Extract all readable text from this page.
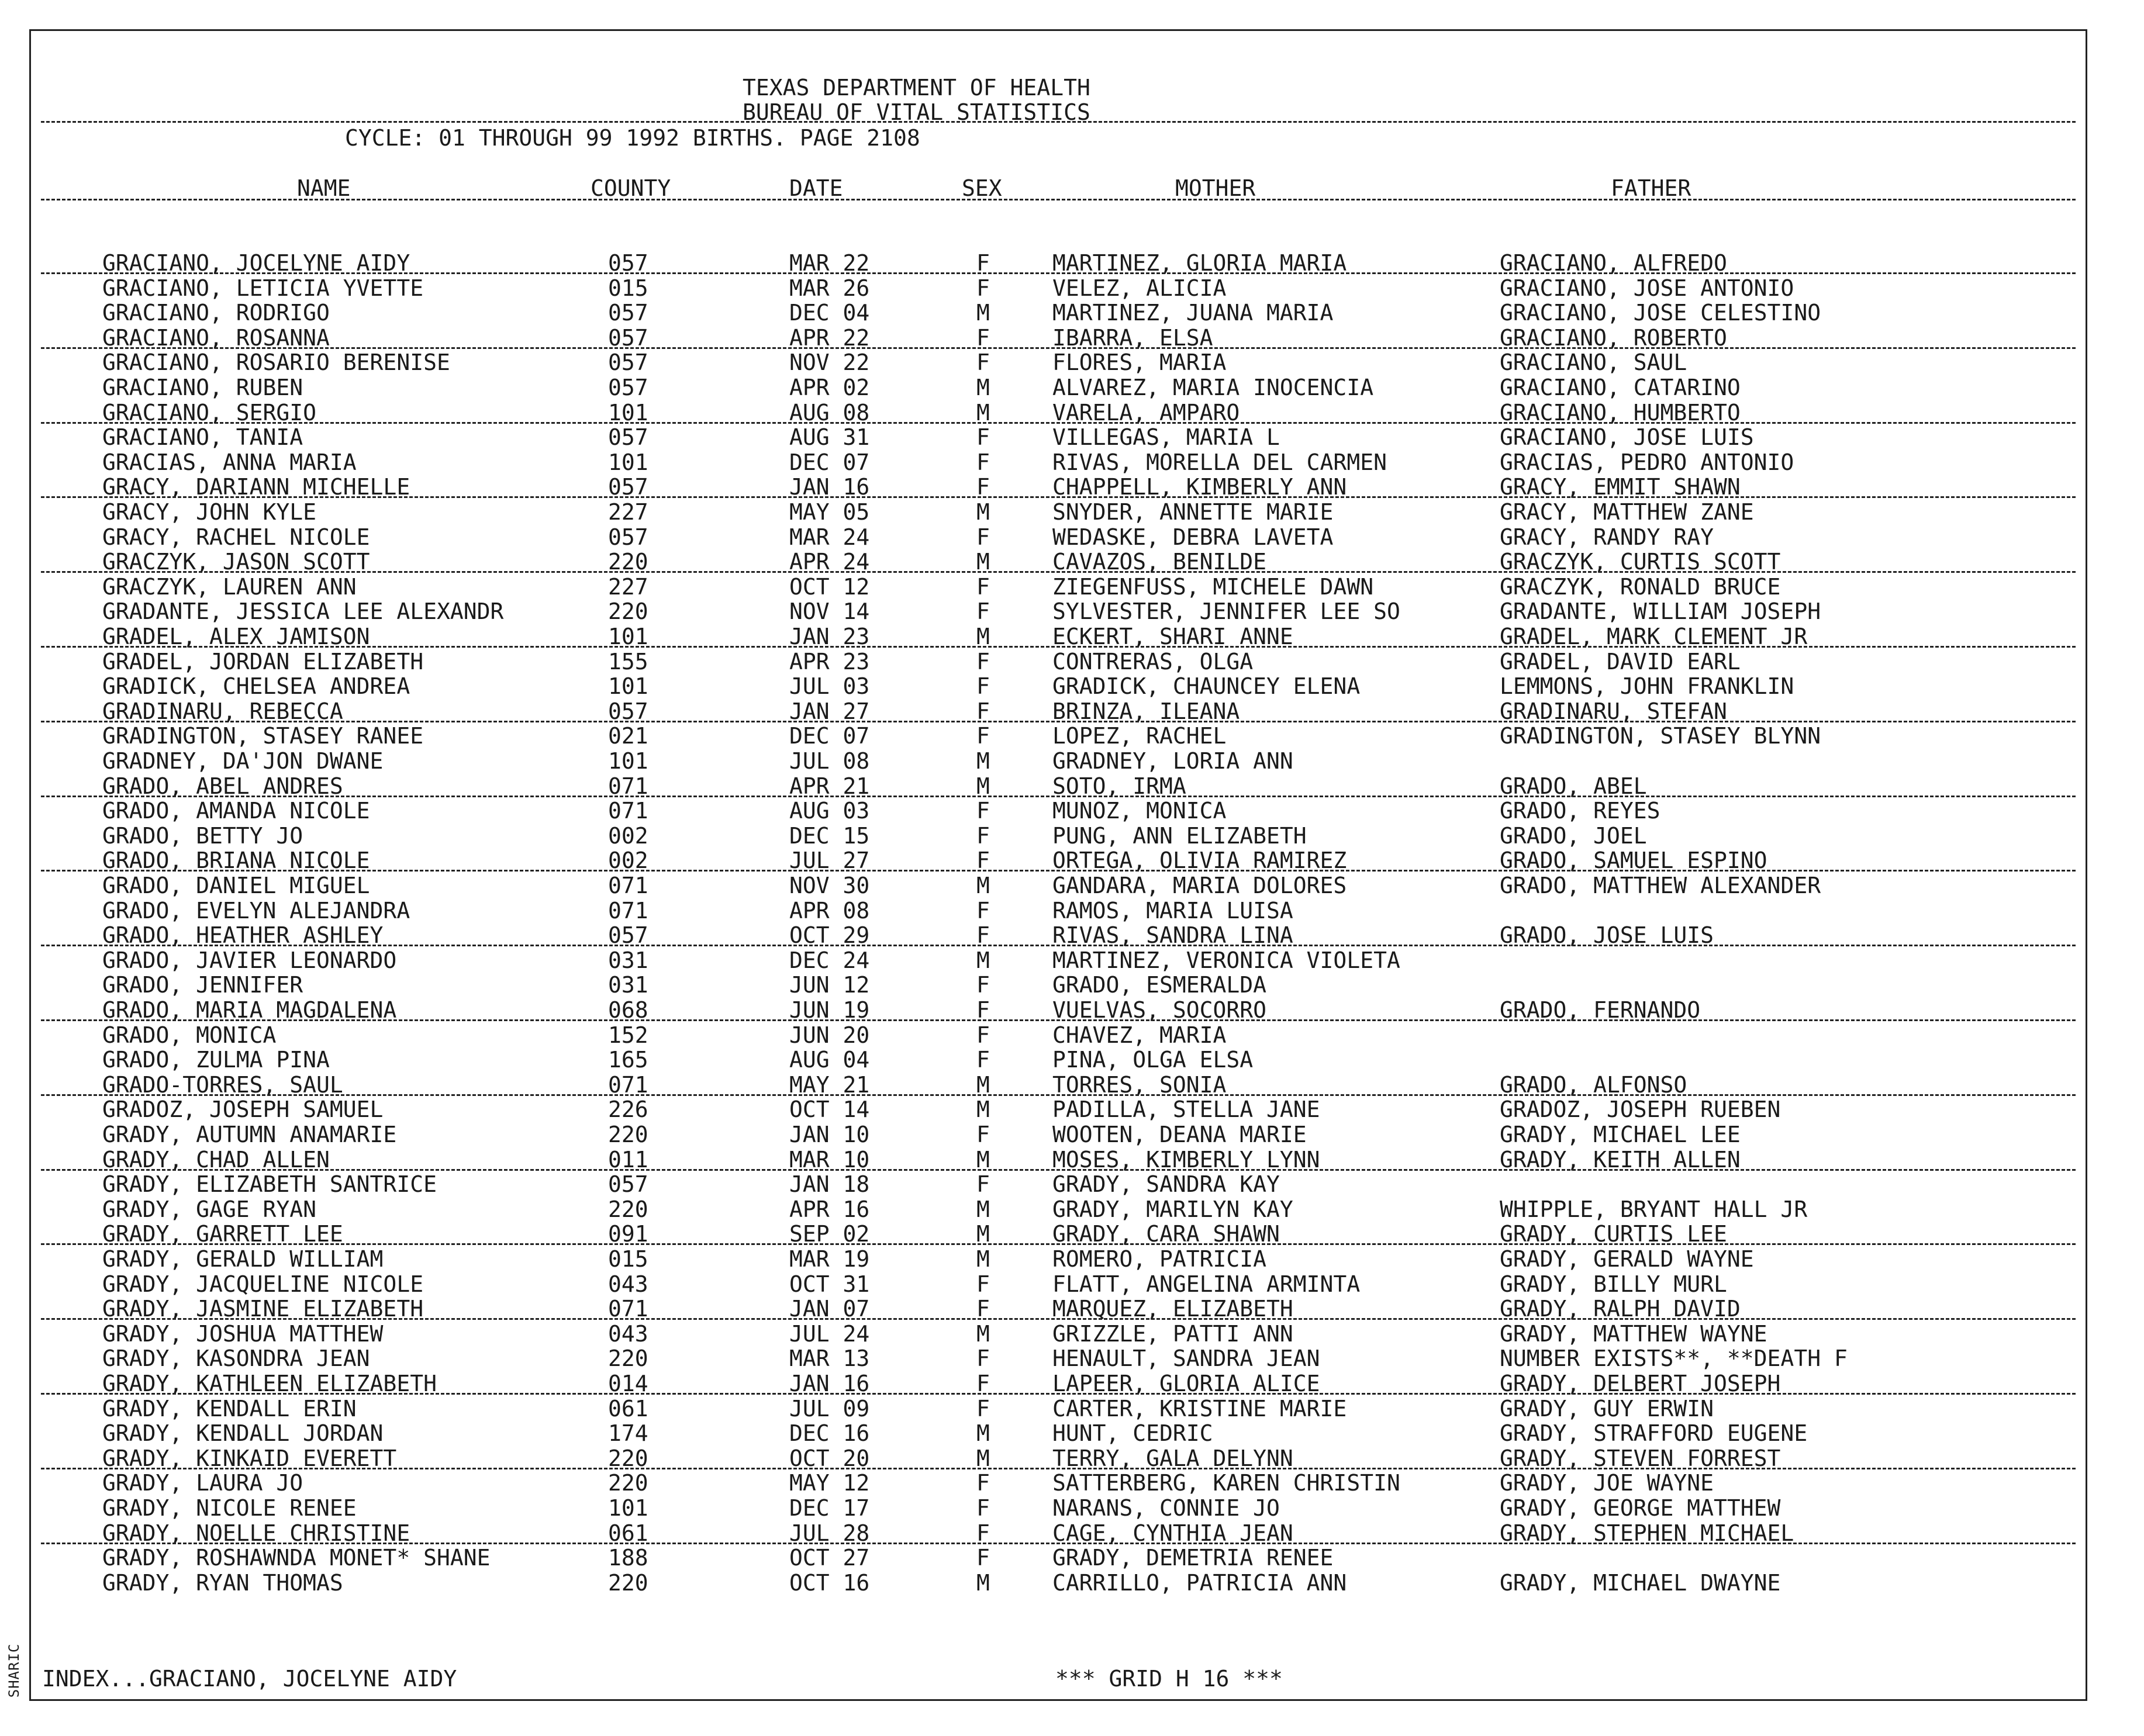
SHARIC
TEXAS DEPARTMENT OF HEALTH
BUREAU OF VITAL STATISTICS
CYCLE: 01 THROUGH 99 1992 BIRTHS. PAGE 2108
NAME	COUNTY	DATE	SEX	MOTHER	FATHER
GRACIANO, JOCELYNE AIDY	057	MAR 22	F	MARTINEZ, GLORIA MARIA	GRACIANO, ALFREDO
GRACIANO, LETICIA YVETTE	015	MAR 26	F	VELEZ, ALICIA	GRACIANO, JOSE ANTONIO
GRACIANO, RODRIGO	057	DEC 04	M	MARTINEZ, JUANA MARIA	GRACIANO, JOSE CELESTINO
GRACIANO, ROSANNA	057	APR 22	F	IBARRA, ELSA	GRACIANO, ROBERTO
GRACIANO, ROSARIO BERENISE	057	NOV 22	F	FLORES, MARIA	GRACIANO, SAUL
GRACIANO, RUBEN	057	APR 02	M	ALVAREZ, MARIA INOCENCIA	GRACIANO, CATARINO
GRACIANO, SERGIO	101	AUG 08	M	VARELA, AMPARO	GRACIANO, HUMBERTO
GRACIANO, TANIA	057	AUG 31	F	VILLEGAS, MARIA L	GRACIANO, JOSE LUIS
GRACIAS, ANNA MARIA	101	DEC 07	F	RIVAS, MORELLA DEL CARMEN	GRACIAS, PEDRO ANTONIO
GRACY, DARIANN MICHELLE	057	JAN 16	F	CHAPPELL, KIMBERLY ANN	GRACY, EMMIT SHAWN
GRACY, JOHN KYLE	227	MAY 05	M	SNYDER, ANNETTE MARIE	GRACY, MATTHEW ZANE
GRACY, RACHEL NICOLE	057	MAR 24	F	WEDASKE, DEBRA LAVETA	GRACY, RANDY RAY
GRACZYK, JASON SCOTT	220	APR 24	M	CAVAZOS, BENILDE	GRACZYK, CURTIS SCOTT
GRACZYK, LAUREN ANN	227	OCT 12	F	ZIEGENFUSS, MICHELE DAWN	GRACZYK, RONALD BRUCE
GRADANTE, JESSICA LEE ALEXANDR	220	NOV 14	F	SYLVESTER, JENNIFER LEE SO	GRADANTE, WILLIAM JOSEPH
GRADEL, ALEX JAMISON	101	JAN 23	M	ECKERT, SHARI ANNE	GRADEL, MARK CLEMENT JR
GRADEL, JORDAN ELIZABETH	155	APR 23	F	CONTRERAS, OLGA	GRADEL, DAVID EARL
GRADICK, CHELSEA ANDREA	101	JUL 03	F	GRADICK, CHAUNCEY ELENA	LEMMONS, JOHN FRANKLIN
GRADINARU, REBECCA	057	JAN 27	F	BRINZA, ILEANA	GRADINARU, STEFAN
GRADINGTON, STASEY RANEE	021	DEC 07	F	LOPEZ, RACHEL	GRADINGTON, STASEY BLYNN
GRADNEY, DA'JON DWANE	101	JUL 08	M	GRADNEY, LORIA ANN
GRADO, ABEL ANDRES	071	APR 21	M	SOTO, IRMA	GRADO, ABEL
GRADO, AMANDA NICOLE	071	AUG 03	F	MUNOZ, MONICA	GRADO, REYES
GRADO, BETTY JO	002	DEC 15	F	PUNG, ANN ELIZABETH	GRADO, JOEL
GRADO, BRIANA NICOLE	002	JUL 27	F	ORTEGA, OLIVIA RAMIREZ	GRADO, SAMUEL ESPINO
GRADO, DANIEL MIGUEL	071	NOV 30	M	GANDARA, MARIA DOLORES	GRADO, MATTHEW ALEXANDER
GRADO, EVELYN ALEJANDRA	071	APR 08	F	RAMOS, MARIA LUISA
GRADO, HEATHER ASHLEY	057	OCT 29	F	RIVAS, SANDRA LINA	GRADO, JOSE LUIS
GRADO, JAVIER LEONARDO	031	DEC 24	M	MARTINEZ, VERONICA VIOLETA
GRADO, JENNIFER	031	JUN 12	F	GRADO, ESMERALDA
GRADO, MARIA MAGDALENA	068	JUN 19	F	VUELVAS, SOCORRO	GRADO, FERNANDO
GRADO, MONICA	152	JUN 20	F	CHAVEZ, MARIA
GRADO, ZULMA PINA	165	AUG 04	F	PINA, OLGA ELSA
GRADO-TORRES, SAUL	071	MAY 21	M	TORRES, SONIA	GRADO, ALFONSO
GRADOZ, JOSEPH SAMUEL	226	OCT 14	M	PADILLA, STELLA JANE	GRADOZ, JOSEPH RUEBEN
GRADY, AUTUMN ANAMARIE	220	JAN 10	F	WOOTEN, DEANA MARIE	GRADY, MICHAEL LEE
GRADY, CHAD ALLEN	011	MAR 10	M	MOSES, KIMBERLY LYNN	GRADY, KEITH ALLEN
GRADY, ELIZABETH SANTRICE	057	JAN 18	F	GRADY, SANDRA KAY
GRADY, GAGE RYAN	220	APR 16	M	GRADY, MARILYN KAY	WHIPPLE, BRYANT HALL JR
GRADY, GARRETT LEE	091	SEP 02	M	GRADY, CARA SHAWN	GRADY, CURTIS LEE
GRADY, GERALD WILLIAM	015	MAR 19	M	ROMERO, PATRICIA	GRADY, GERALD WAYNE
GRADY, JACQUELINE NICOLE	043	OCT 31	F	FLATT, ANGELINA ARMINTA	GRADY, BILLY MURL
GRADY, JASMINE ELIZABETH	071	JAN 07	F	MARQUEZ, ELIZABETH	GRADY, RALPH DAVID
GRADY, JOSHUA MATTHEW	043	JUL 24	M	GRIZZLE, PATTI ANN	GRADY, MATTHEW WAYNE
GRADY, KASONDRA JEAN	220	MAR 13	F	HENAULT, SANDRA JEAN	NUMBER EXISTS**, **DEATH F
GRADY, KATHLEEN ELIZABETH	014	JAN 16	F	LAPEER, GLORIA ALICE	GRADY, DELBERT JOSEPH
GRADY, KENDALL ERIN	061	JUL 09	F	CARTER, KRISTINE MARIE	GRADY, GUY ERWIN
GRADY, KENDALL JORDAN	174	DEC 16	M	HUNT, CEDRIC	GRADY, STRAFFORD EUGENE
GRADY, KINKAID EVERETT	220	OCT 20	M	TERRY, GALA DELYNN	GRADY, STEVEN FORREST
GRADY, LAURA JO	220	MAY 12	F	SATTERBERG, KAREN CHRISTIN	GRADY, JOE WAYNE
GRADY, NICOLE RENEE	101	DEC 17	F	NARANS, CONNIE JO	GRADY, GEORGE MATTHEW
GRADY, NOELLE CHRISTINE	061	JUL 28	F	CAGE, CYNTHIA JEAN	GRADY, STEPHEN MICHAEL
GRADY, ROSHAWNDA MONET* SHANE	188	OCT 27	F	GRADY, DEMETRIA RENEE
GRADY, RYAN THOMAS	220	OCT 16	M	CARRILLO, PATRICIA ANN	GRADY, MICHAEL DWAYNE
INDEX...GRACIANO, JOCELYNE AIDY	*** GRID H 16 ***
